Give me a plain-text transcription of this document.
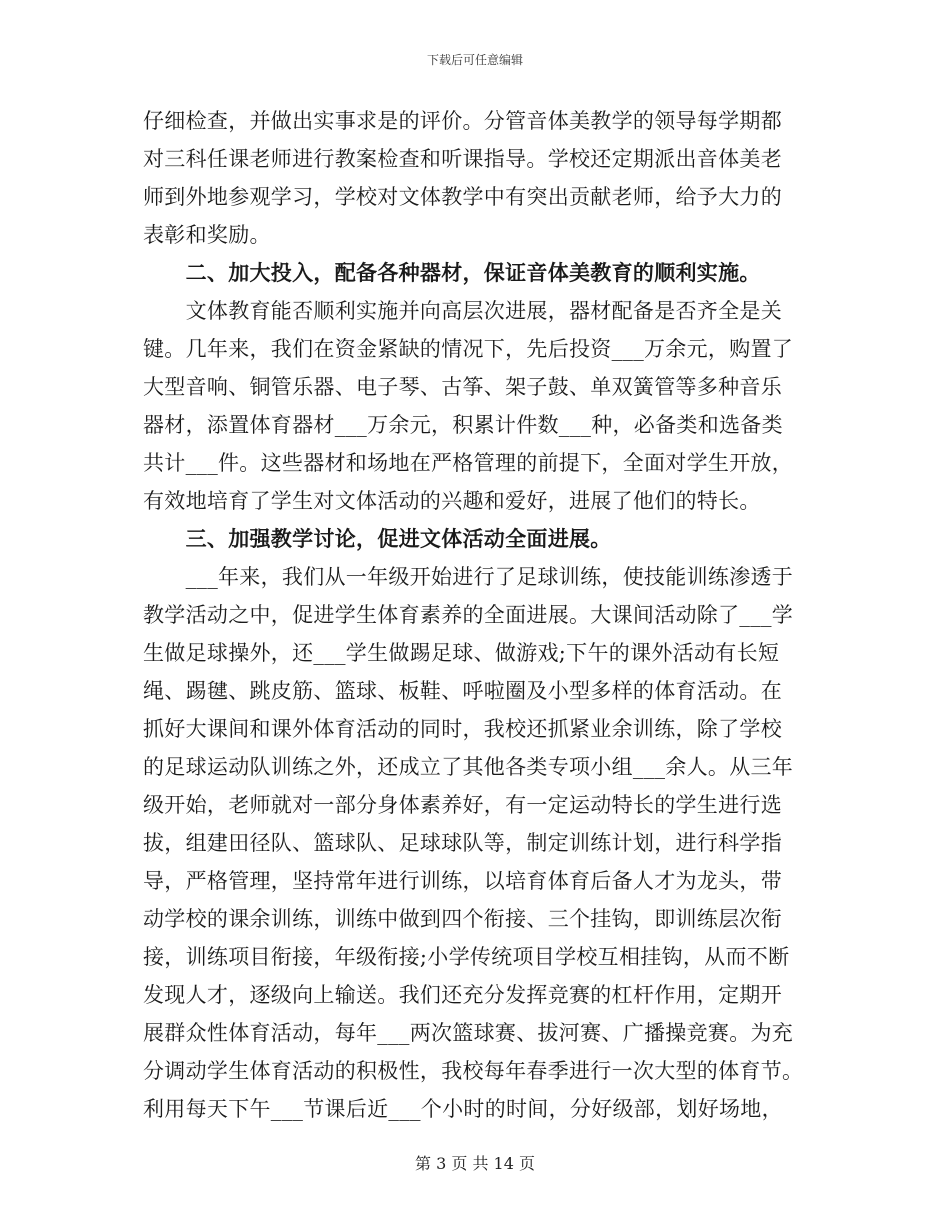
下载后可任意编辑
仔细检查，并做出实事求是的评价。分管音体美教学的领导每学期都
对三科任课老师进行教案检查和听课指导。学校还定期派出音体美老
师到外地参观学习，学校对文体教学中有突出贡献老师，给予大力的
表彰和奖励。
　　二、加大投入，配备各种器材，保证音体美教育的顺利实施。
　　文体教育能否顺利实施并向高层次进展，器材配备是否齐全是关
键。几年来，我们在资金紧缺的情况下，先后投资___万余元，购置了
大型音响、铜管乐器、电子琴、古筝、架子鼓、单双簧管等多种音乐
器材，添置体育器材___万余元，积累计件数___种，必备类和选备类
共计___件。这些器材和场地在严格管理的前提下，全面对学生开放，
有效地培育了学生对文体活动的兴趣和爱好，进展了他们的特长。
　　三、加强教学讨论，促进文体活动全面进展。
　　___年来，我们从一年级开始进行了足球训练，使技能训练渗透于
教学活动之中，促进学生体育素养的全面进展。大课间活动除了___学
生做足球操外，还___学生做踢足球、做游戏;下午的课外活动有长短
绳、踢毽、跳皮筋、篮球、板鞋、呼啦圈及小型多样的体育活动。在
抓好大课间和课外体育活动的同时，我校还抓紧业余训练，除了学校
的足球运动队训练之外，还成立了其他各类专项小组___余人。从三年
级开始，老师就对一部分身体素养好，有一定运动特长的学生进行选
拔，组建田径队、篮球队、足球球队等，制定训练计划，进行科学指
导，严格管理，坚持常年进行训练，以培育体育后备人才为龙头，带
动学校的课余训练，训练中做到四个衔接、三个挂钩，即训练层次衔
接，训练项目衔接，年级衔接;小学传统项目学校互相挂钩，从而不断
发现人才，逐级向上输送。我们还充分发挥竞赛的杠杆作用，定期开
展群众性体育活动，每年___两次篮球赛、拔河赛、广播操竞赛。为充
分调动学生体育活动的积极性，我校每年春季进行一次大型的体育节。
利用每天下午___节课后近___个小时的时间，分好级部，划好场地，
第 3 页 共 14 页
